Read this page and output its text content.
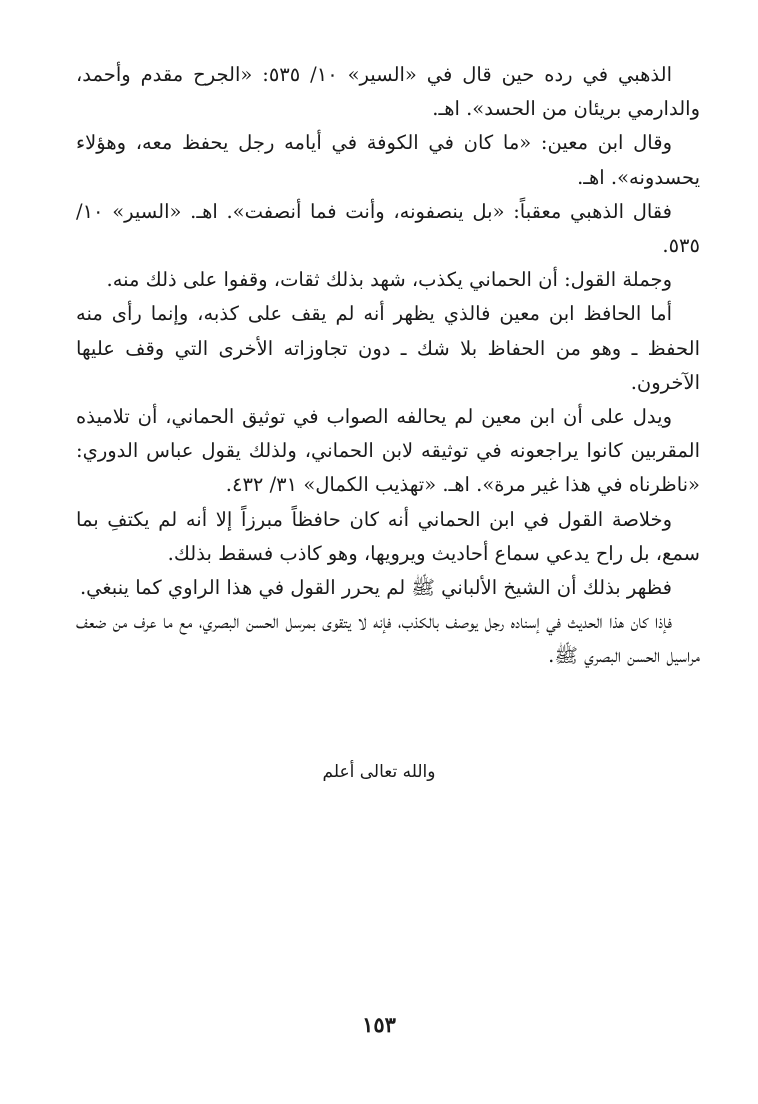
الذهبي في رده حين قال في «السير» ١٠/ ٥٣٥: «الجرح مقدم وأحمد، والدارمي بريئان من الحسد». اهـ.

وقال ابن معين: «ما كان في الكوفة في أيامه رجل يحفظ معه، وهؤلاء يحسدونه». اهـ.

فقال الذهبي معقباً: «بل ينصفونه، وأنت فما أنصفت». اهـ. «السير» ١٠/ ٥٣٥.

وجملة القول: أن الحماني يكذب، شهد بذلك ثقات، وقفوا على ذلك منه.

أما الحافظ ابن معين فالذي يظهر أنه لم يقف على كذبه، وإنما رأى منه الحفظ ـ وهو من الحفاظ بلا شك ـ دون تجاوزاته الأخرى التي وقف عليها الآخرون.

ويدل على أن ابن معين لم يحالفه الصواب في توثيق الحماني، أن تلاميذه المقربين كانوا يراجعونه في توثيقه لابن الحماني، ولذلك يقول عباس الدوري: «ناظرناه في هذا غير مرة». اهـ. «تهذيب الكمال» ٣١/ ٤٣٢.

وخلاصة القول في ابن الحماني أنه كان حافظاً مبرزاً إلا أنه لم يكتفِ بما سمع، بل راح يدعي سماع أحاديث ويرويها، وهو كاذب فسقط بذلك.

فظهر بذلك أن الشيخ الألباني ﷺ لم يحرر القول في هذا الراوي كما ينبغي.

فإذا كان هذا الحديث في إسناده رجل يوصف بالكذب، فإنه لا يتقوى بمرسل الحسن البصري، مع ما عرف من ضعف مراسيل الحسن البصري ﷺ.

والله تعالى أعلم
١٥٣
